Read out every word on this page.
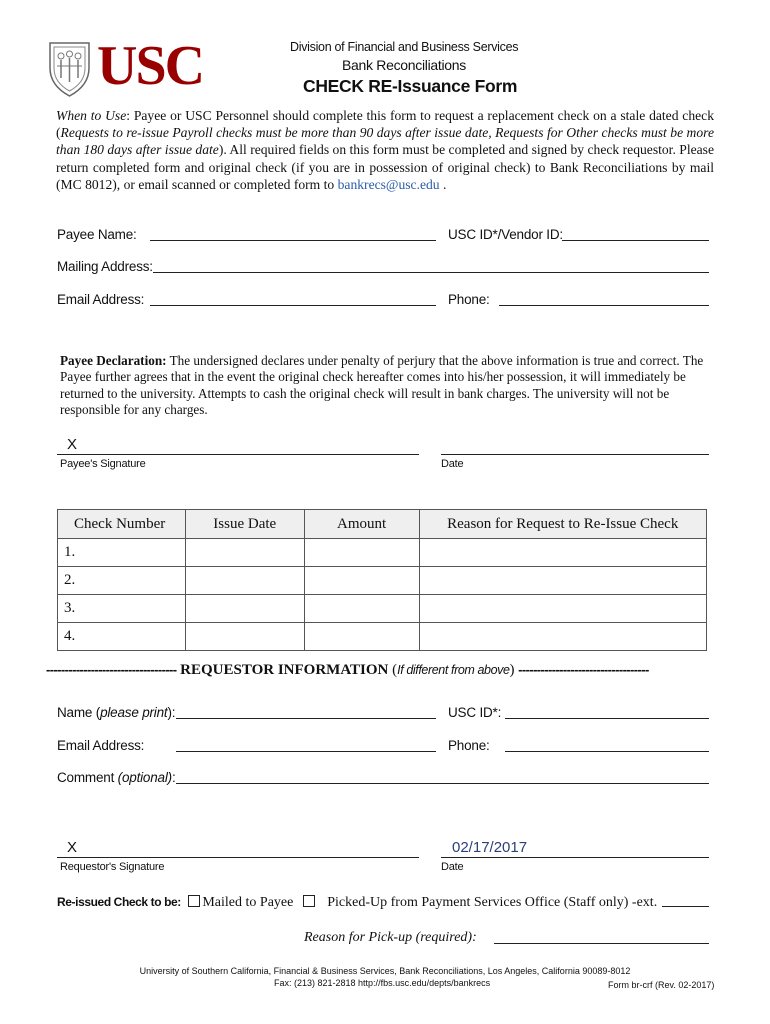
USC	Division of Financial and Business Services
Bank Reconciliations
CHECK RE-Issuance Form
When to Use: Payee or USC Personnel should complete this form to request a replacement check on a stale dated check (Requests to re-issue Payroll checks must be more than 90 days after issue date, Requests for Other checks must be more than 180 days after issue date). All required fields on this form must be completed and signed by check requestor. Please return completed form and original check (if you are in possession of original check) to Bank Reconciliations by mail (MC 8012), or email scanned or completed form to bankrecs@usc.edu .
Payee Name:	USC ID*/Vendor ID:
Mailing Address:
Email Address:	Phone:
Payee Declaration: The undersigned declares under penalty of perjury that the above information is true and correct. The Payee further agrees that in the event the original check hereafter comes into his/her possession, it will immediately be returned to the university. Attempts to cash the original check will result in bank charges. The university will not be responsible for any charges.
X
Payee's Signature	Date
Check Number	Issue Date	Amount	Reason for Request to Re-Issue Check
1.			
2.			
3.			
4.			
----------------------------------- REQUESTOR INFORMATION (If different from above) -----------------------------------
Name (please print):	USC ID*:
Email Address:	Phone:
Comment (optional):
X
Requestor's Signature
02/17/2017
Date
Re-issued Check to be: Mailed to Payee Picked-Up from Payment Services Office (Staff only) -ext.
Reason for Pick-up (required):
University of Southern California, Financial & Business Services, Bank Reconciliations, Los Angeles, California 90089-8012
Fax: (213) 821-2818 http://fbs.usc.edu/depts/bankrecs	Form br-crf (Rev. 02-2017)
